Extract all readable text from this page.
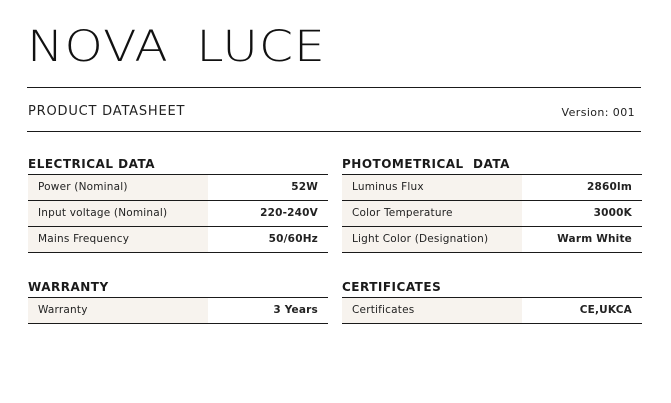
NOVA LUCE
PRODUCT DATASHEET	Version: 001
ELECTRICAL DATA
Power (Nominal)	52W
Input voltage (Nominal)	220-240V
Mains Frequency	50/60Hz
PHOTOMETRICAL  DATA
Luminus Flux	2860lm
Color Temperature	3000K
Light Color (Designation)	Warm White
WARRANTY
Warranty	3 Years
CERTIFICATES
Certificates	CE,UKCA
